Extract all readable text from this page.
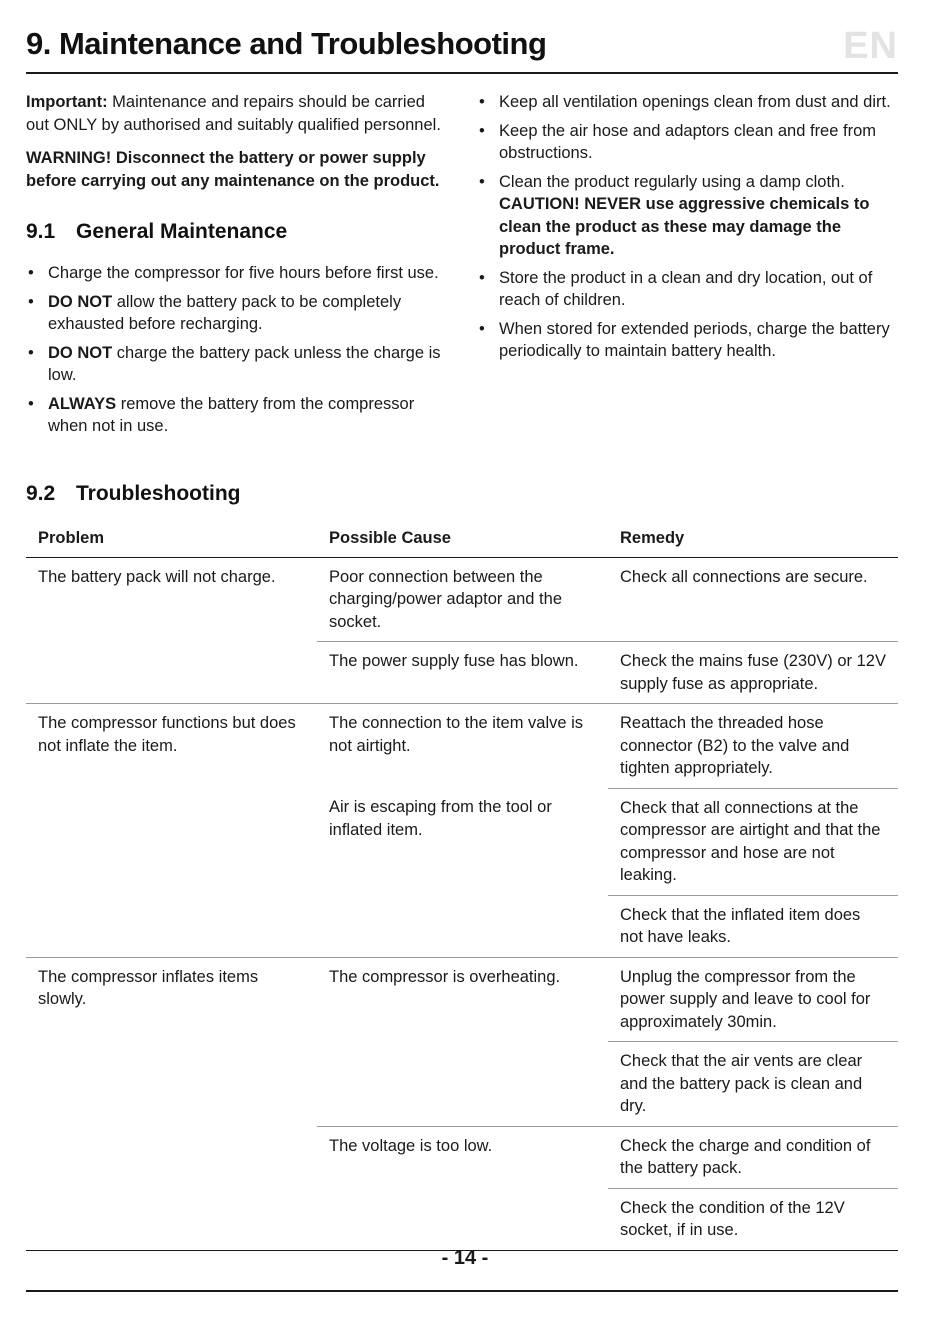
9. Maintenance and Troubleshooting	EN

Important: Maintenance and repairs should be carried out ONLY by authorised and suitably qualified personnel.

WARNING! Disconnect the battery or power supply before carrying out any maintenance on the product.

9.1 General Maintenance
• Charge the compressor for five hours before first use.
• DO NOT allow the battery pack to be completely exhausted before recharging.
• DO NOT charge the battery pack unless the charge is low.
• ALWAYS remove the battery from the compressor when not in use.
• Keep all ventilation openings clean from dust and dirt.
• Keep the air hose and adaptors clean and free from obstructions.
• Clean the product regularly using a damp cloth.
CAUTION! NEVER use aggressive chemicals to clean the product as these may damage the product frame.
• Store the product in a clean and dry location, out of reach of children.
• When stored for extended periods, charge the battery periodically to maintain battery health.
9.2 Troubleshooting
Problem	Possible Cause	Remedy
The battery pack will not charge.	Poor connection between the charging/power adaptor and the socket.	Check all connections are secure.
	The power supply fuse has blown.	Check the mains fuse (230V) or 12V supply fuse as appropriate.
The compressor functions but does not inflate the item.	The connection to the item valve is not airtight.	Reattach the threaded hose connector (B2) to the valve and tighten appropriately.
	Air is escaping from the tool or inflated item.	Check that all connections at the compressor are airtight and that the compressor and hose are not leaking.
		Check that the inflated item does not have leaks.
The compressor inflates items slowly.	The compressor is overheating.	Unplug the compressor from the power supply and leave to cool for approximately 30min.
		Check that the air vents are clear and the battery pack is clean and dry.
	The voltage is too low.	Check the charge and condition of the battery pack.
		Check the condition of the 12V socket, if in use.
- 14 -
